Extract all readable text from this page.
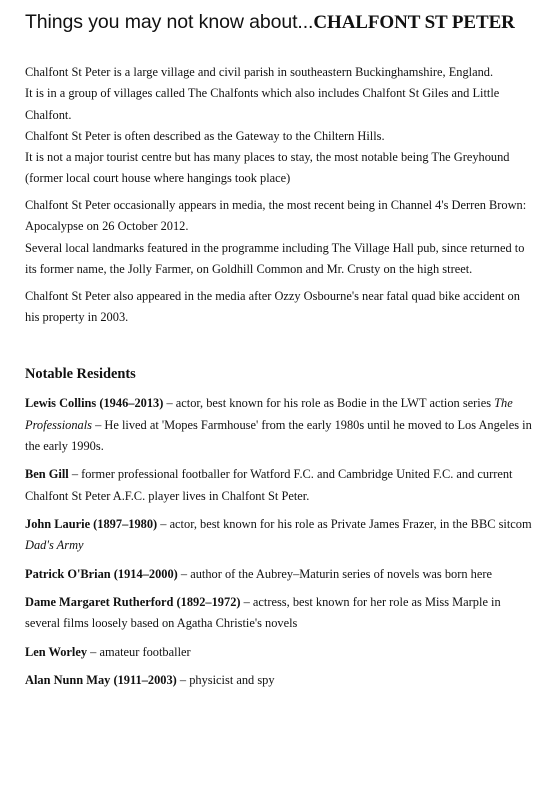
Things you may not know about...CHALFONT ST PETER

Chalfont St Peter is a large village and civil parish in southeastern Buckinghamshire, England.

It is in a group of villages called The Chalfonts which also includes Chalfont St Giles and Little Chalfont.

Chalfont St Peter is often described as the Gateway to the Chiltern Hills.

It is not a major tourist centre but has many places to stay, the most notable being The Greyhound (former local court house where hangings took place)

Chalfont St Peter occasionally appears in media, the most recent being in Channel 4's Derren Brown: Apocalypse on 26 October 2012.

Several local landmarks featured in the programme including The Village Hall pub, since returned to its former name, the Jolly Farmer, on Goldhill Common and Mr. Crusty on the high street.

Chalfont St Peter also appeared in the media after Ozzy Osbourne's near fatal quad bike accident on his property in 2003.

Notable Residents

Lewis Collins (1946–2013) – actor, best known for his role as Bodie in the LWT action series The Professionals – He lived at 'Mopes Farmhouse' from the early 1980s until he moved to Los Angeles in the early 1990s.

Ben Gill – former professional footballer for Watford F.C. and Cambridge United F.C. and current Chalfont St Peter A.F.C. player lives in Chalfont St Peter.

John Laurie (1897–1980) – actor, best known for his role as Private James Frazer, in the BBC sitcom Dad's Army

Patrick O'Brian (1914–2000) – author of the Aubrey–Maturin series of novels was born here

Dame Margaret Rutherford (1892–1972) – actress, best known for her role as Miss Marple in several films loosely based on Agatha Christie's novels

Len Worley – amateur footballer

Alan Nunn May (1911–2003) – physicist and spy
